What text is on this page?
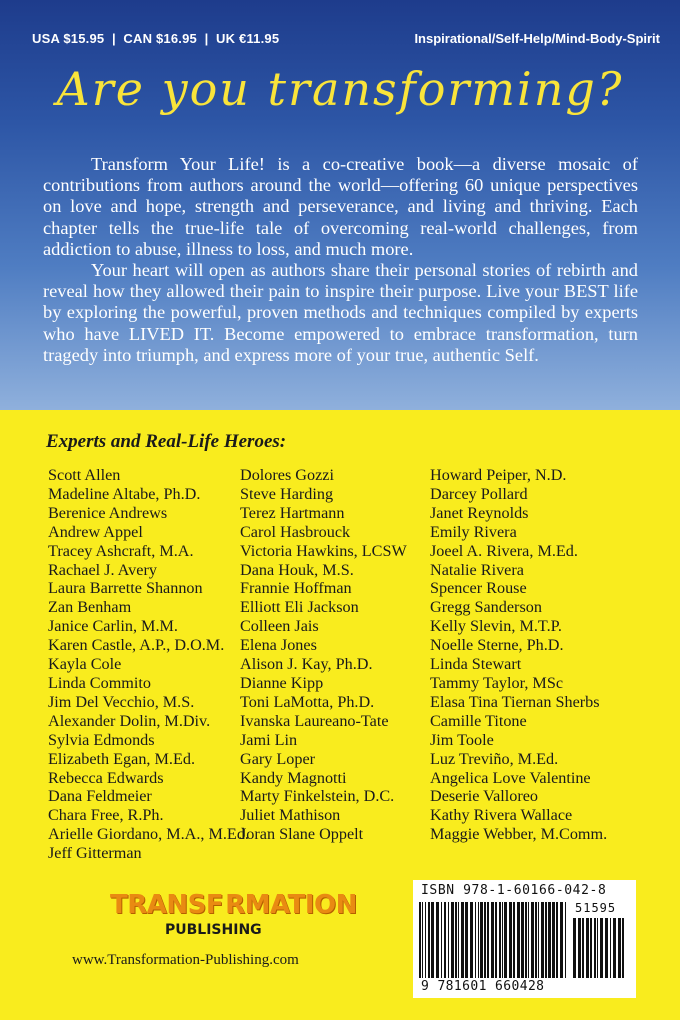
USA $15.95  |  CAN $16.95  |  UK €11.95	Inspirational/Self-Help/Mind-Body-Spirit
Are you transforming?

Transform Your Life! is a co-creative book—a diverse mosaic of contributions from authors around the world—offering 60 unique perspectives on love and hope, strength and perseverance, and living and thriving. Each chapter tells the true-life tale of overcoming real-world challenges, from addiction to abuse, illness to loss, and much more.

Your heart will open as authors share their personal stories of rebirth and reveal how they allowed their pain to inspire their purpose. Live your BEST life by exploring the powerful, proven methods and techniques compiled by experts who have LIVED IT. Become empowered to embrace transformation, turn tragedy into triumph, and express more of your true, authentic Self.

Experts and Real-Life Heroes:
Scott Allen
Madeline Altabe, Ph.D.
Berenice Andrews
Andrew Appel
Tracey Ashcraft, M.A.
Rachael J. Avery
Laura Barrette Shannon
Zan Benham
Janice Carlin, M.M.
Karen Castle, A.P., D.O.M.
Kayla Cole
Linda Commito
Jim Del Vecchio, M.S.
Alexander Dolin, M.Div.
Sylvia Edmonds
Elizabeth Egan, M.Ed.
Rebecca Edwards
Dana Feldmeier
Chara Free, R.Ph.
Arielle Giordano, M.A., M.Ed.
Jeff Gitterman
Dolores Gozzi
Steve Harding
Terez Hartmann
Carol Hasbrouck
Victoria Hawkins, LCSW
Dana Houk, M.S.
Frannie Hoffman
Elliott Eli Jackson
Colleen Jais
Elena Jones
Alison J. Kay, Ph.D.
Dianne Kipp
Toni LaMotta, Ph.D.
Ivanska Laureano-Tate
Jami Lin
Gary Loper
Kandy Magnotti
Marty Finkelstein, D.C.
Juliet Mathison
Joran Slane Oppelt
Howard Peiper, N.D.
Darcey Pollard
Janet Reynolds
Emily Rivera
Joeel A. Rivera, M.Ed.
Natalie Rivera
Spencer Rouse
Gregg Sanderson
Kelly Slevin, M.T.P.
Noelle Sterne, Ph.D.
Linda Stewart
Tammy Taylor, MSc
Elasa Tina Tiernan Sherbs
Camille Titone
Jim Toole
Luz Treviño, M.Ed.
Angelica Love Valentine
Deserie Valloreo
Kathy Rivera Wallace
Maggie Webber, M.Comm.
TRANSF RMATION
PUBLISHING
www.Transformation-Publishing.com
ISBN 978-1-60166-042-8
51595
9 781601 660428
